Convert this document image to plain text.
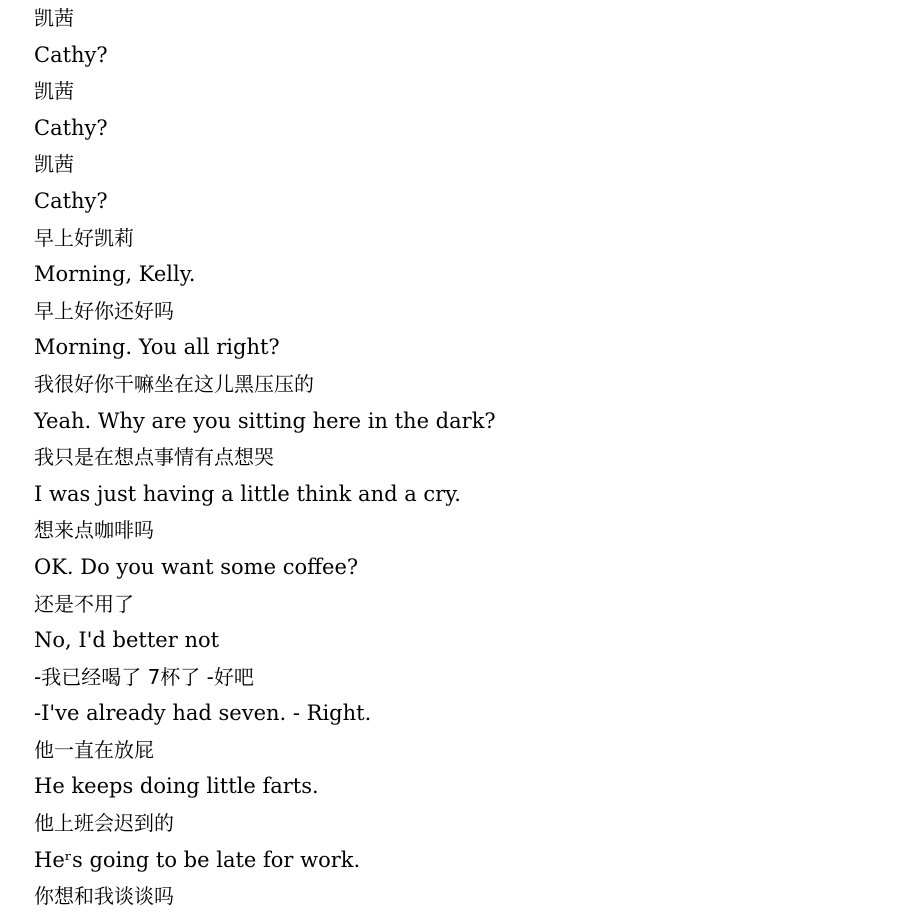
凯茜
Cathy?
凯茜
Cathy?
凯茜
Cathy?
早上好凯莉
Morning, Kelly.
早上好你还好吗
Morning. You all right?
我很好你干嘛坐在这儿黑压压的
Yeah. Why are you sitting here in the dark?
我只是在想点事情有点想哭
I was just having a little think and a cry.
想来点咖啡吗
OK. Do you want some coffee?
还是不用了
No, I'd better not
-我已经喝了 7杯了 -好吧
-I've already had seven. - Right.
他一直在放屁
He keeps doing little farts.
他上班会迟到的
Heʳs going to be late for work.
你想和我谈谈吗
